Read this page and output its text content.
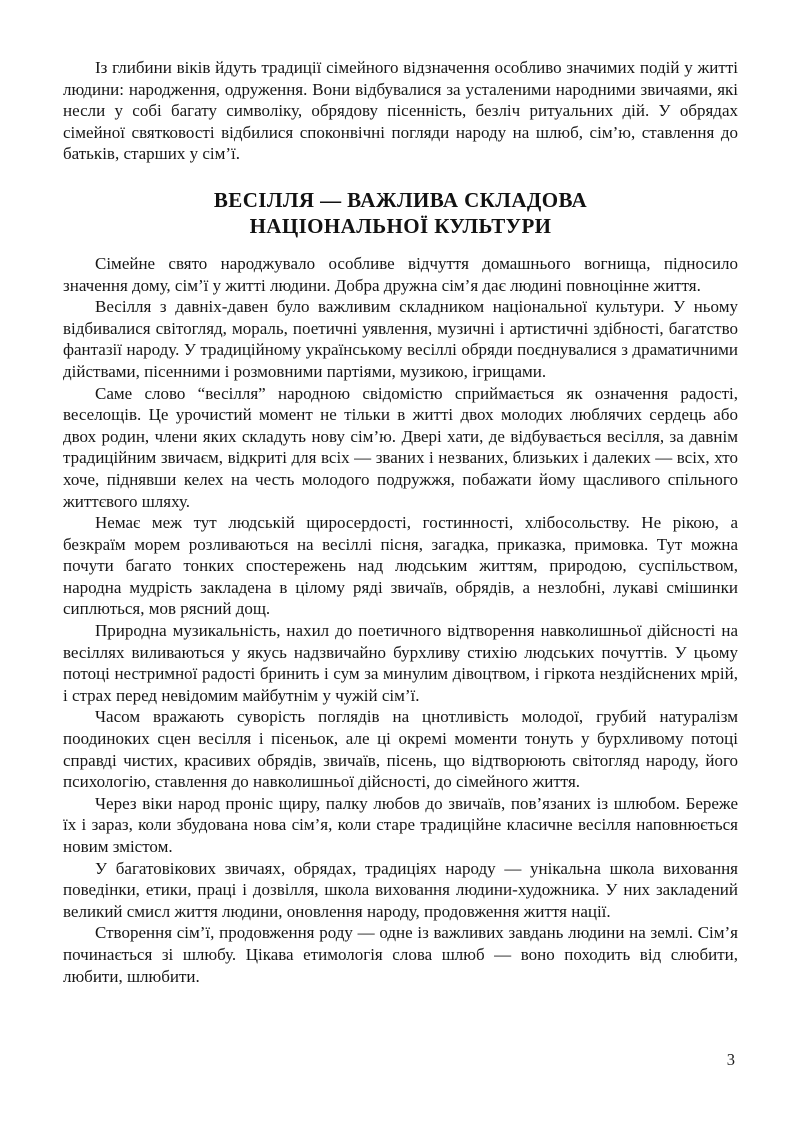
Із глибини віків йдуть традиції сімейного відзначення особливо значимих подій у житті людини: народження, одруження. Вони відбувалися за усталеними народними звичаями, які несли у собі багату символіку, обрядову пісенність, безліч ритуальних дій. У обрядах сімейної святковості відбилися споконвічні погляди народу на шлюб, сім’ю, ставлення до батьків, старших у сім’ї.

ВЕСІЛЛЯ — ВАЖЛИВА СКЛАДОВА
НАЦІОНАЛЬНОЇ КУЛЬТУРИ

Сімейне свято народжувало особливе відчуття домашнього вогнища, підносило значення дому, сім’ї у житті людини. Добра дружна сім’я дає людині повноцінне життя.

Весілля з давніх-давен було важливим складником національної культури. У ньому відбивалися світогляд, мораль, поетичні уявлення, музичні і артистичні здібності, багатство фантазії народу. У традиційному українському весіллі обряди поєднувалися з драматичними дійствами, пісенними і розмовними партіями, музикою, ігрищами.

Саме слово “весілля” народною свідомістю сприймається як означення радості, веселощів. Це урочистий момент не тільки в житті двох молодих люблячих сердець або двох родин, члени яких складуть нову сім’ю. Двері хати, де відбувається весілля, за давнім традиційним звичаєм, відкриті для всіх — званих і незваних, близьких і далеких — всіх, хто хоче, піднявши келех на честь молодого подружжя, побажати йому щасливого спільного життєвого шляху.

Немає меж тут людській щиросердості, гостинності, хлібосольству. Не рікою, а безкраїм морем розливаються на весіллі пісня, загадка, приказка, примовка. Тут можна почути багато тонких спостережень над людським життям, природою, суспільством, народна мудрість закладена в цілому ряді звичаїв, обрядів, а незлобні, лукаві смішинки сиплються, мов рясний дощ.

Природна музикальність, нахил до поетичного відтворення навколишньої дійсності на весіллях виливаються у якусь надзвичайно бурхливу стихію людських почуттів. У цьому потоці нестримної радості бринить і сум за минулим дівоцтвом, і гіркота нездійснених мрій, і страх перед невідомим майбутнім у чужій сім’ї.

Часом вражають суворість поглядів на цнотливість молодої, грубий натуралізм поодиноких сцен весілля і пісеньок, але ці окремі моменти тонуть у бурхливому потоці справді чистих, красивих обрядів, звичаїв, пісень, що відтворюють світогляд народу, його психологію, ставлення до навколишньої дійсності, до сімейного життя.

Через віки народ проніс щиру, палку любов до звичаїв, пов’язаних із шлюбом. Береже їх і зараз, коли збудована нова сім’я, коли старе традиційне класичне весілля наповнюється новим змістом.

У багатовікових звичаях, обрядах, традиціях народу — унікальна школа виховання поведінки, етики, праці і дозвілля, школа виховання людини-художника. У них закладений великий смисл життя людини, оновлення народу, продовження життя нації.

Створення сім’ї, продовження роду — одне із важливих завдань людини на землі. Сім’я починається зі шлюбу. Цікава етимологія слова шлюб — воно походить від слюбити, любити, шлюбити.

3
